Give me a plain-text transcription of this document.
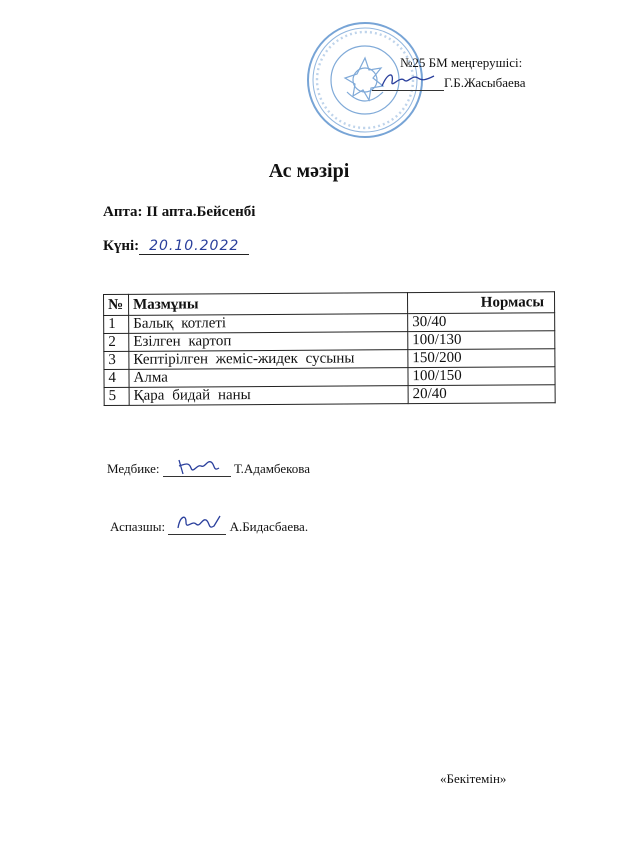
№25 БМ меңгерушісі:
Г.Б.Жасыбаева
Ас мәзірі
Апта: ІІ апта.Бейсенбі
Күні: 20.10.2022
№	Мазмұны	Нормасы
1	Балық котлеті	30/40
2	Езілген картоп	100/130
3	Кептірілген жеміс-жидек сусыны	150/200
4	Алма	100/150
5	Қара бидай наны	20/40
Медбике:	Т.Адамбекова
Аспазшы:	А.Бидасбаева.
«Бекітемін»
